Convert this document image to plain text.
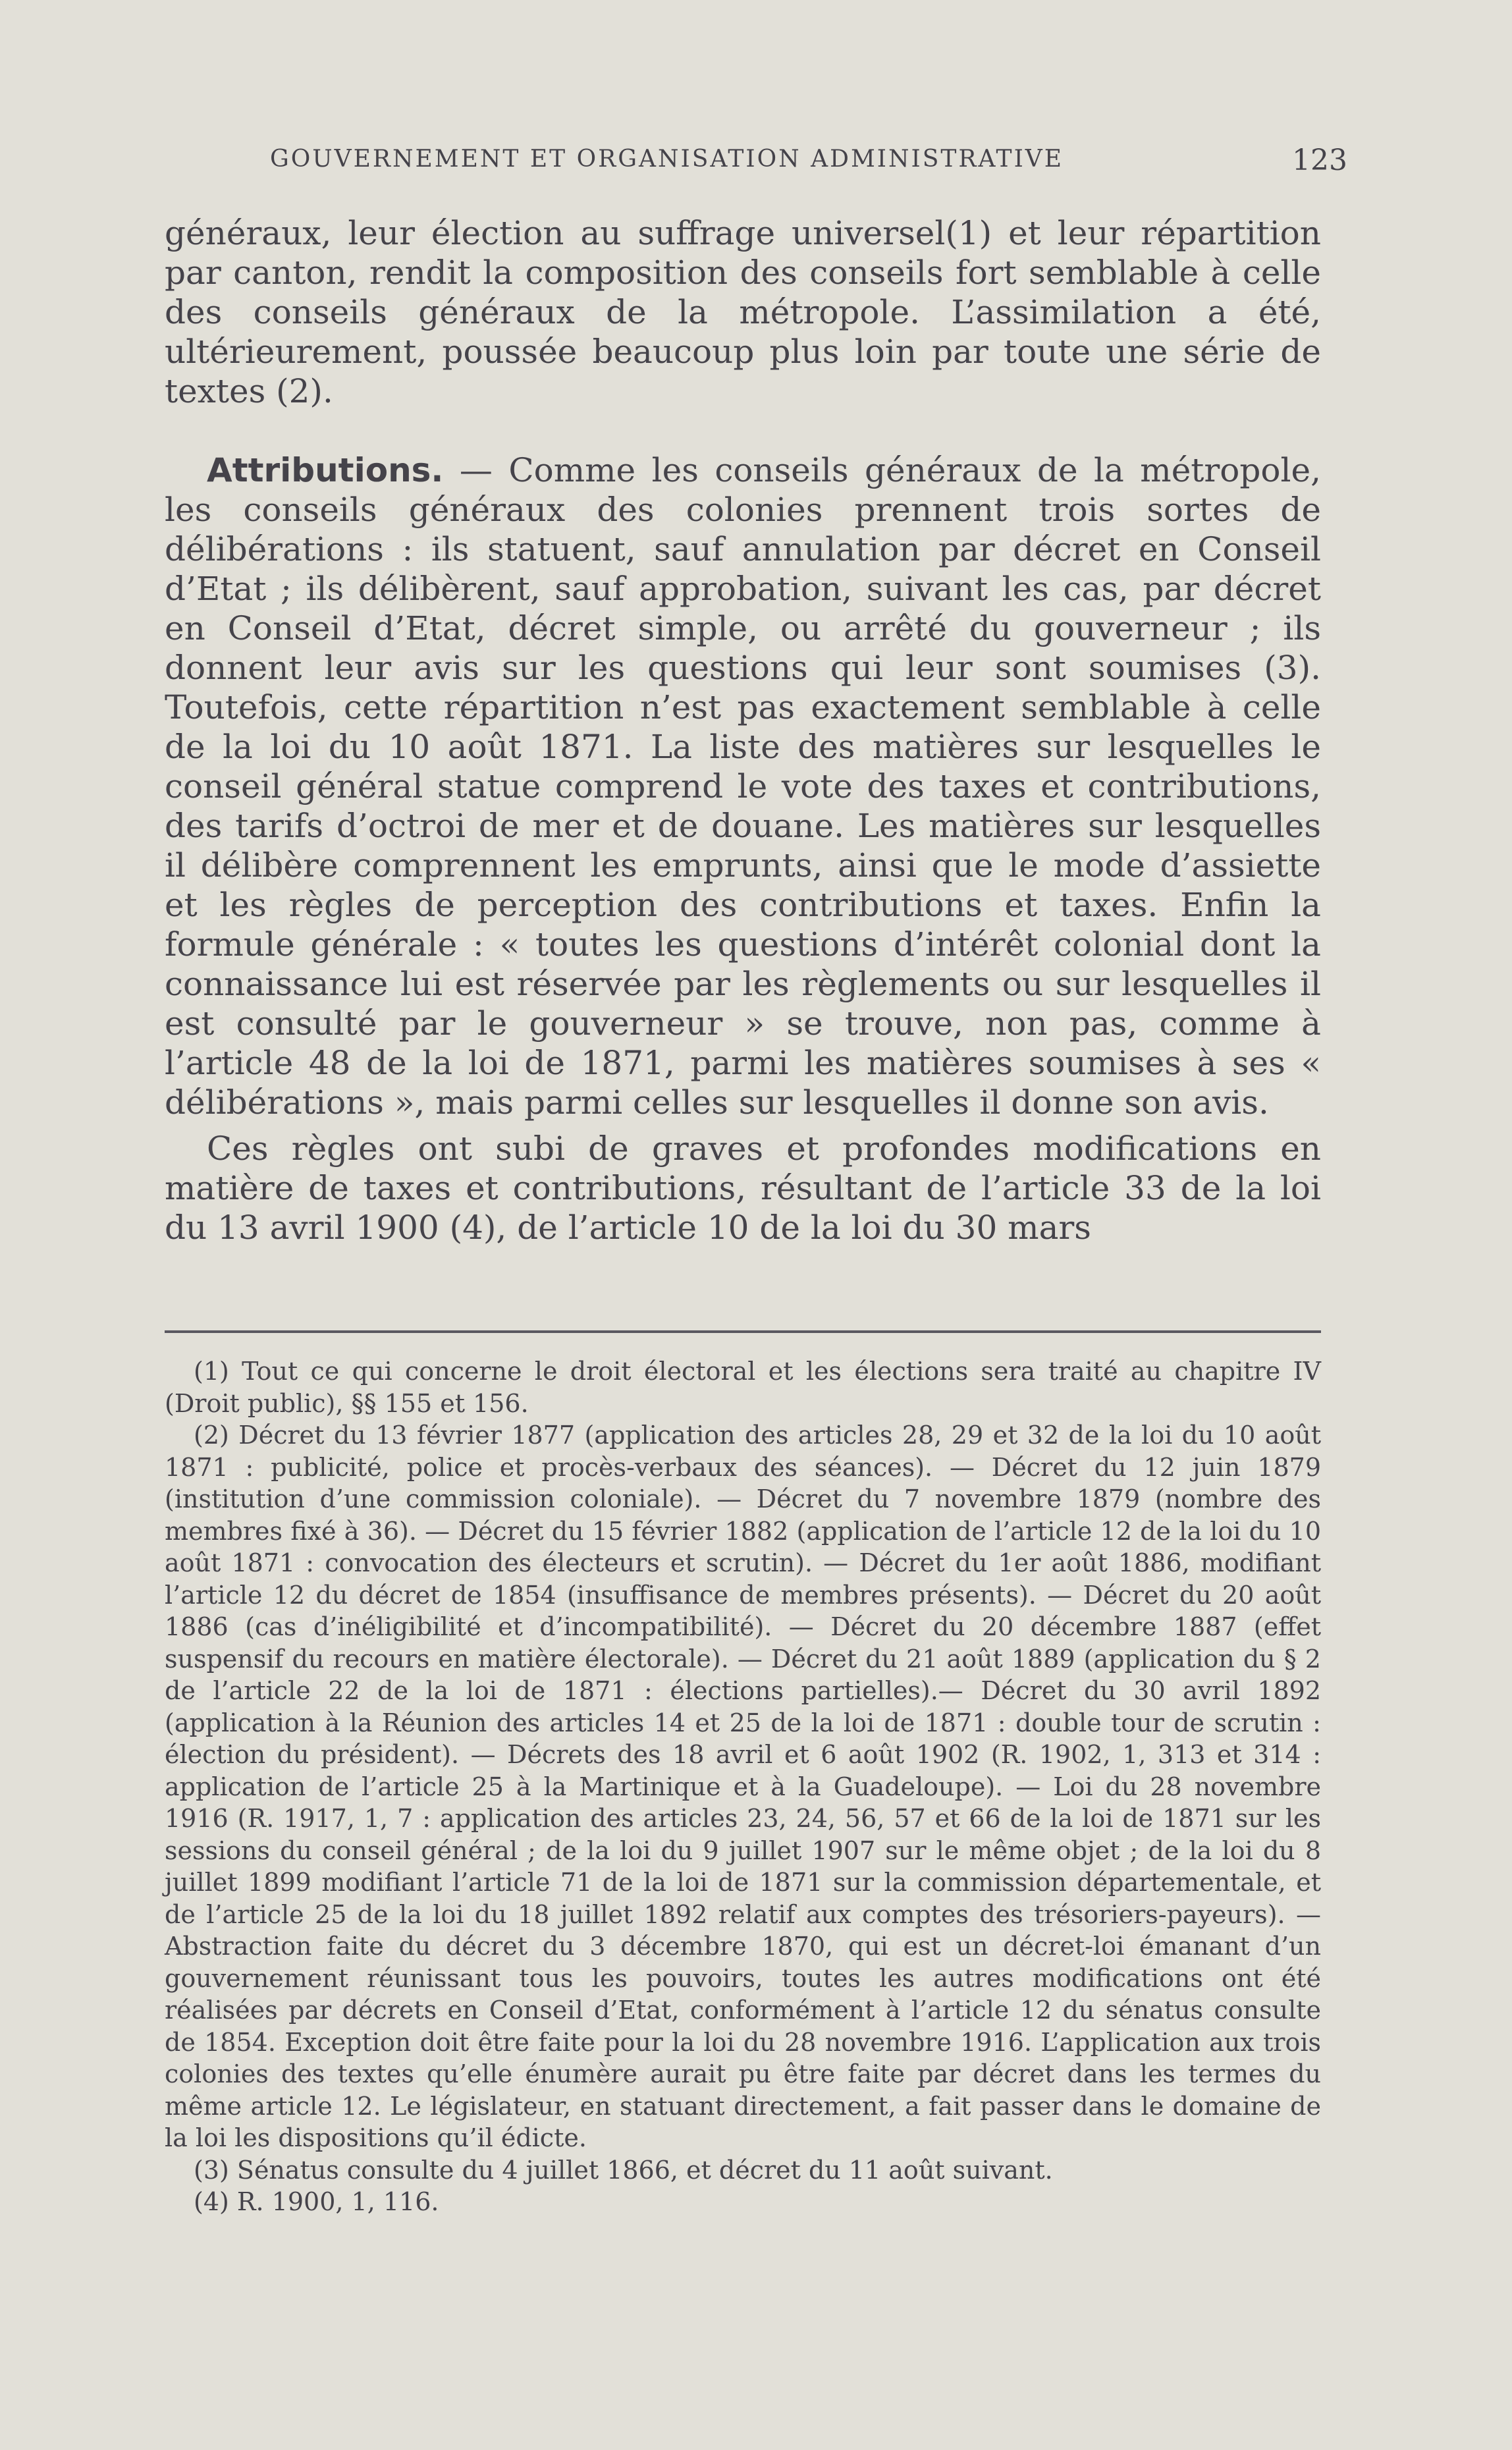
GOUVERNEMENT ET ORGANISATION ADMINISTRATIVE	123

généraux, leur élection au suffrage universel(1) et leur répartition par canton, rendit la composition des conseils fort semblable à celle des conseils généraux de la métropole. L’assimilation a été, ultérieurement, poussée beaucoup plus loin par toute une série de textes (2).

Attributions. — Comme les conseils généraux de la métropole, les conseils généraux des colonies prennent trois sortes de délibérations : ils statuent, sauf annulation par décret en Conseil d’Etat ; ils délibèrent, sauf approbation, suivant les cas, par décret en Conseil d’Etat, décret simple, ou arrêté du gouverneur ; ils donnent leur avis sur les questions qui leur sont soumises (3). Toutefois, cette répartition n’est pas exactement semblable à celle de la loi du 10 août 1871. La liste des matières sur lesquelles le conseil général statue comprend le vote des taxes et contributions, des tarifs d’octroi de mer et de douane. Les matières sur lesquelles il délibère comprennent les emprunts, ainsi que le mode d’assiette et les règles de perception des contributions et taxes. Enfin la formule générale : « toutes les questions d’intérêt colonial dont la connaissance lui est réservée par les règlements ou sur lesquelles il est consulté par le gouverneur » se trouve, non pas, comme à l’article 48 de la loi de 1871, parmi les matières soumises à ses « délibérations », mais parmi celles sur lesquelles il donne son avis.

Ces règles ont subi de graves et profondes modifications en matière de taxes et contributions, résultant de l’article 33 de la loi du 13 avril 1900 (4), de l’article 10 de la loi du 30 mars

(1) Tout ce qui concerne le droit électoral et les élections sera traité au chapitre IV (Droit public), §§ 155 et 156.

(2) Décret du 13 février 1877 (application des articles 28, 29 et 32 de la loi du 10 août 1871 : publicité, police et procès-verbaux des séances). — Décret du 12 juin 1879 (institution d’une commission coloniale). — Décret du 7 novembre 1879 (nombre des membres fixé à 36). — Décret du 15 février 1882 (application de l’article 12 de la loi du 10 août 1871 : convocation des électeurs et scrutin). — Décret du 1er août 1886, modifiant l’article 12 du décret de 1854 (insuffisance de membres présents). — Décret du 20 août 1886 (cas d’inéligibilité et d’incompatibilité). — Décret du 20 décembre 1887 (effet suspensif du recours en matière électorale). — Décret du 21 août 1889 (application du § 2 de l’article 22 de la loi de 1871 : élections partielles).— Décret du 30 avril 1892 (application à la Réunion des articles 14 et 25 de la loi de 1871 : double tour de scrutin : élection du président). — Décrets des 18 avril et 6 août 1902 (R. 1902, 1, 313 et 314 : application de l’article 25 à la Martinique et à la Guadeloupe). — Loi du 28 novembre 1916 (R. 1917, 1, 7 : application des articles 23, 24, 56, 57 et 66 de la loi de 1871 sur les sessions du conseil général ; de la loi du 9 juillet 1907 sur le même objet ; de la loi du 8 juillet 1899 modifiant l’article 71 de la loi de 1871 sur la commission départementale, et de l’article 25 de la loi du 18 juillet 1892 relatif aux comptes des trésoriers-payeurs). — Abstraction faite du décret du 3 décembre 1870, qui est un décret-loi émanant d’un gouvernement réunissant tous les pouvoirs, toutes les autres modifications ont été réalisées par décrets en Conseil d’Etat, conformément à l’article 12 du sénatus consulte de 1854. Exception doit être faite pour la loi du 28 novembre 1916. L’application aux trois colonies des textes qu’elle énumère aurait pu être faite par décret dans les termes du même article 12. Le législateur, en statuant directement, a fait passer dans le domaine de la loi les dispositions qu’il édicte.

(3) Sénatus consulte du 4 juillet 1866, et décret du 11 août suivant.

(4) R. 1900, 1, 116.
